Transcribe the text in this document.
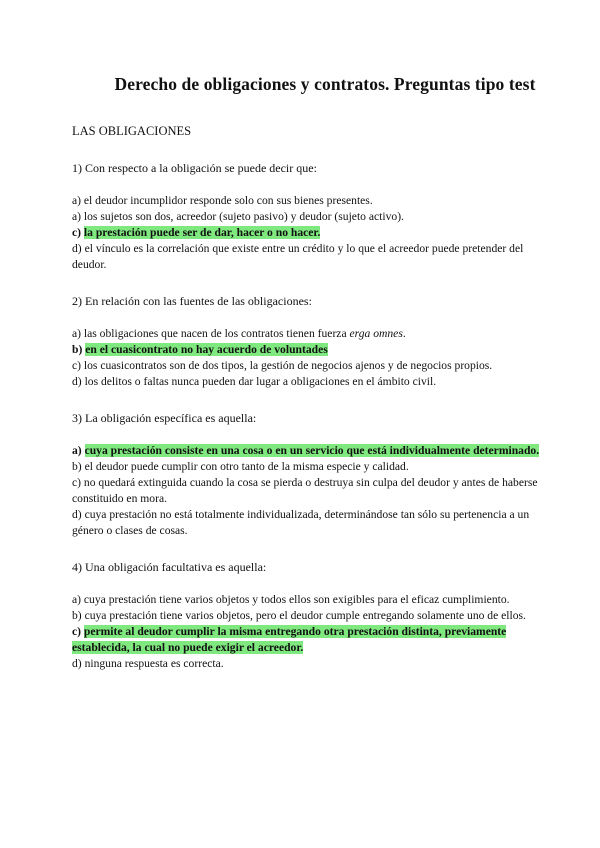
Derecho de obligaciones y contratos. Preguntas tipo test
LAS OBLIGACIONES

1) Con respecto a la obligación se puede decir que:

a) el deudor incumplidor responde solo con sus bienes presentes.

a) los sujetos son dos, acreedor (sujeto pasivo) y deudor (sujeto activo).

c) la prestación puede ser de dar, hacer o no hacer.

d) el vínculo es la correlación que existe entre un crédito y lo que el acreedor puede pretender del deudor.

2) En relación con las fuentes de las obligaciones:

a) las obligaciones que nacen de los contratos tienen fuerza erga omnes.

b) en el cuasicontrato no hay acuerdo de voluntades

c) los cuasicontratos son de dos tipos, la gestión de negocios ajenos y de negocios propios.

d) los delitos o faltas nunca pueden dar lugar a obligaciones en el ámbito civil.

3) La obligación específica es aquella:

a) cuya prestación consiste en una cosa o en un servicio que está individualmente determinado.

b) el deudor puede cumplir con otro tanto de la misma especie y calidad.

c) no quedará extinguida cuando la cosa se pierda o destruya sin culpa del deudor y antes de haberse constituido en mora.

d) cuya prestación no está totalmente individualizada, determinándose tan sólo su pertenencia a un género o clases de cosas.

4) Una obligación facultativa es aquella:

a) cuya prestación tiene varios objetos y todos ellos son exigibles para el eficaz cumplimiento.

b) cuya prestación tiene varios objetos, pero el deudor cumple entregando solamente uno de ellos.

c) permite al deudor cumplir la misma entregando otra prestación distinta, previamente establecida, la cual no puede exigir el acreedor.

d) ninguna respuesta es correcta.
